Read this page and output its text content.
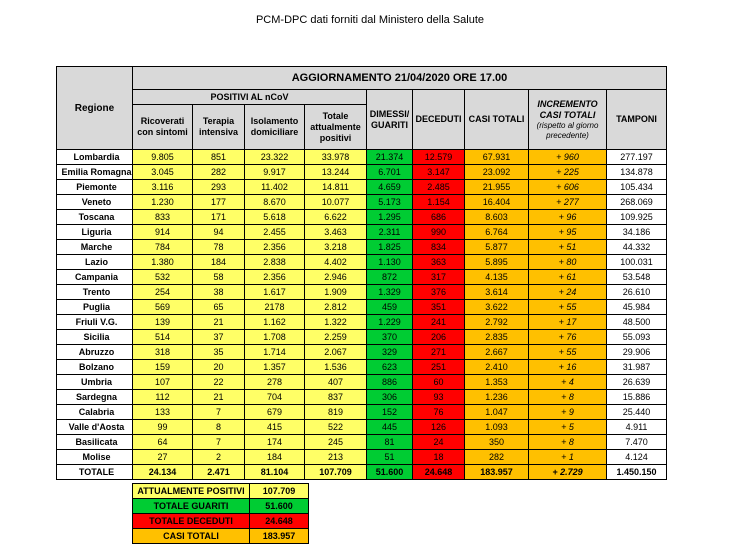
PCM-DPC dati forniti dal Ministero della Salute
Regione	AGGIORNAMENTO 21/04/2020 ORE 17.00								
	POSITIVI AL nCoV				DIMESSI/ GUARITI	DECEDUTI	CASI TOTALI	INCREMENTO CASI TOTALI
(rispetto al giorno precedente)	TAMPONI
	Ricoverati con sintomi	Terapia intensiva	Isolamento domiciliare	Totale attualmente positivi					
Lombardia	9.805	851	23.322	33.978	21.374	12.579	67.931	+ 960	277.197
Emilia Romagna	3.045	282	9.917	13.244	6.701	3.147	23.092	+ 225	134.878
Piemonte	3.116	293	11.402	14.811	4.659	2.485	21.955	+ 606	105.434
Veneto	1.230	177	8.670	10.077	5.173	1.154	16.404	+ 277	268.069
Toscana	833	171	5.618	6.622	1.295	686	8.603	+ 96	109.925
Liguria	914	94	2.455	3.463	2.311	990	6.764	+ 95	34.186
Marche	784	78	2.356	3.218	1.825	834	5.877	+ 51	44.332
Lazio	1.380	184	2.838	4.402	1.130	363	5.895	+ 80	100.031
Campania	532	58	2.356	2.946	872	317	4.135	+ 61	53.548
Trento	254	38	1.617	1.909	1.329	376	3.614	+ 24	26.610
Puglia	569	65	2178	2.812	459	351	3.622	+ 55	45.984
Friuli V.G.	139	21	1.162	1.322	1.229	241	2.792	+ 17	48.500
Sicilia	514	37	1.708	2.259	370	206	2.835	+ 76	55.093
Abruzzo	318	35	1.714	2.067	329	271	2.667	+ 55	29.906
Bolzano	159	20	1.357	1.536	623	251	2.410	+ 16	31.987
Umbria	107	22	278	407	886	60	1.353	+ 4	26.639
Sardegna	112	21	704	837	306	93	1.236	+ 8	15.886
Calabria	133	7	679	819	152	76	1.047	+ 9	25.440
Valle d'Aosta	99	8	415	522	445	126	1.093	+ 5	4.911
Basilicata	64	7	174	245	81	24	350	+ 8	7.470
Molise	27	2	184	213	51	18	282	+ 1	4.124
TOTALE	24.134	2.471	81.104	107.709	51.600	24.648	183.957	+ 2.729	1.450.150
ATTUALMENTE POSITIVI	107.709
TOTALE GUARITI	51.600
TOTALE DECEDUTI	24.648
CASI TOTALI	183.957
